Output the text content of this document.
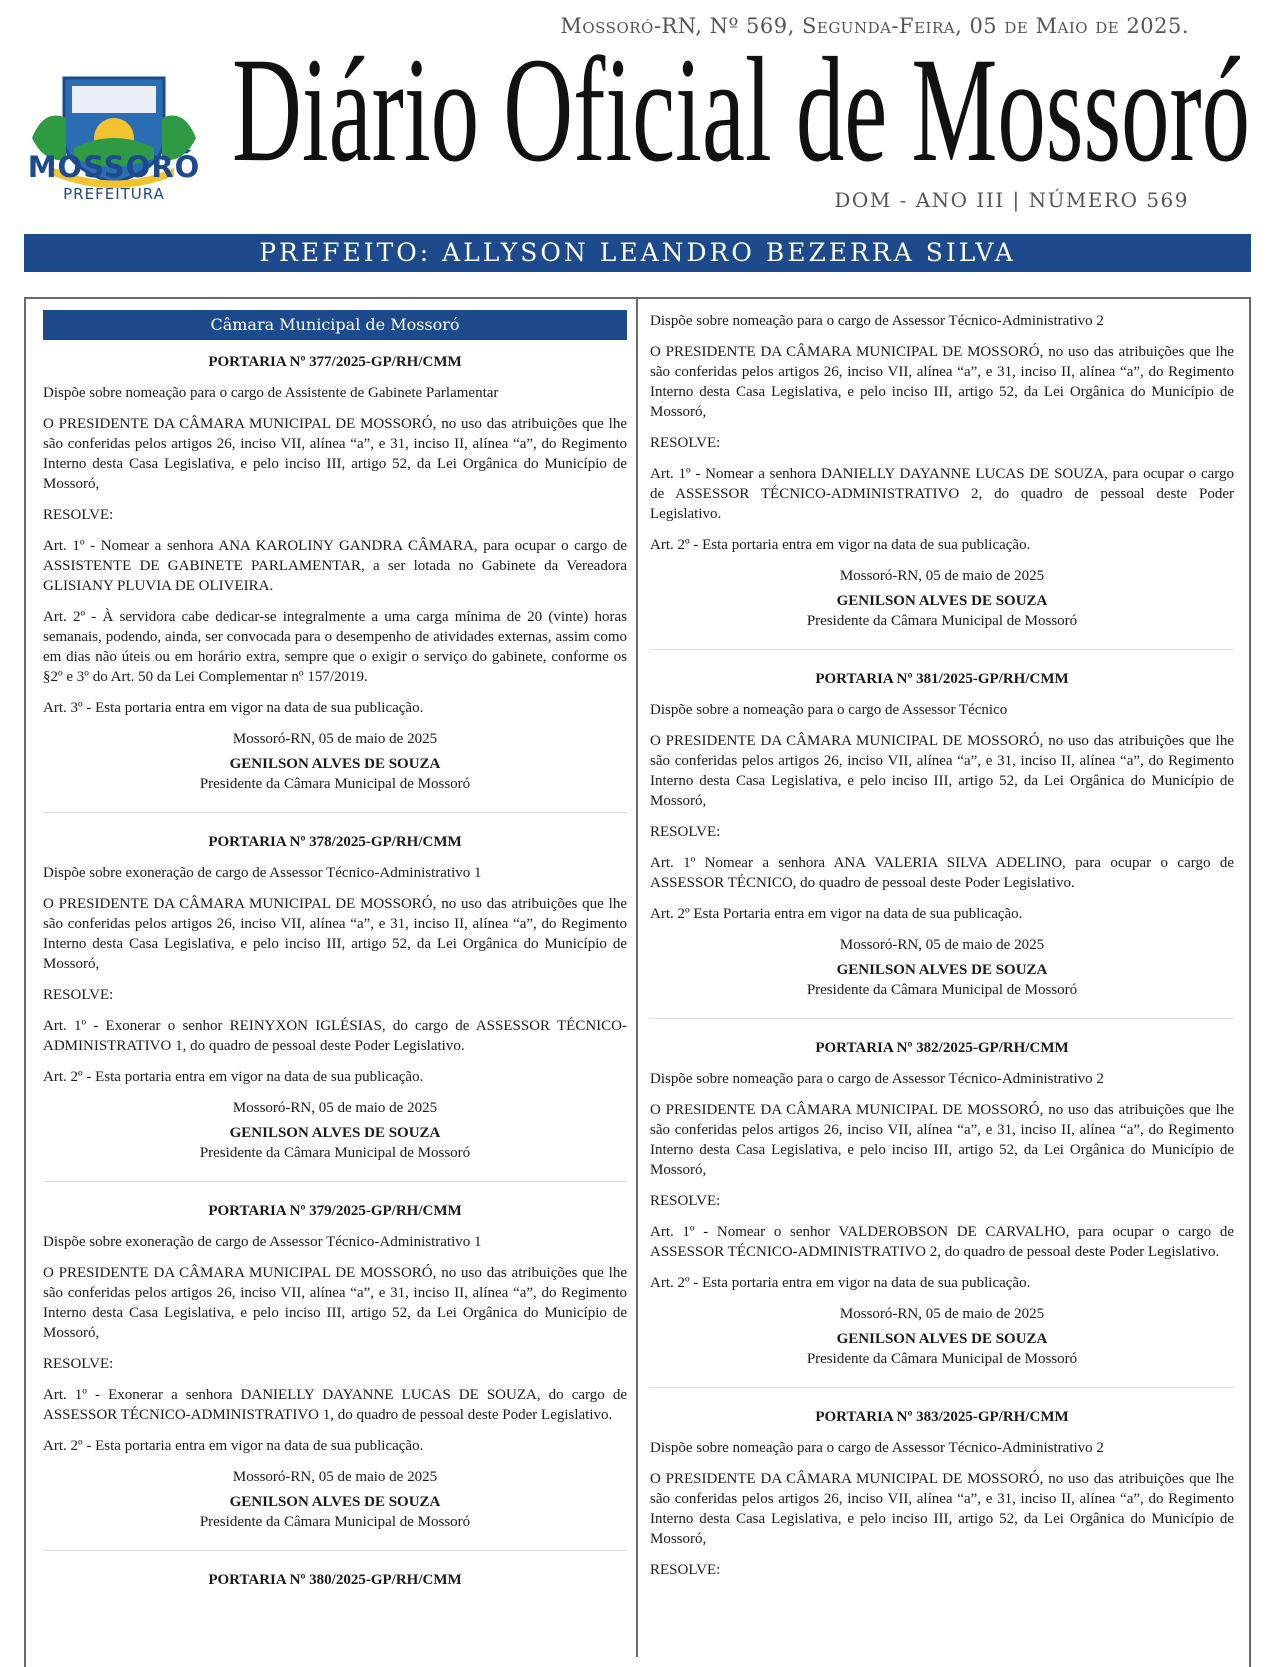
Mossoró-RN, Nº 569, Segunda-Feira, 05 de Maio de 2025.
MOSSORÓ
PREFEITURA
Diário Oficial de Mossoró
DOM - ANO III | NÚMERO 569
PREFEITO: ALLYSON LEANDRO BEZERRA SILVA
Câmara Municipal de Mossoró
PORTARIA Nº 377/2025-GP/RH/CMM

Dispõe sobre nomeação para o cargo de Assistente de Gabinete Parlamentar

O PRESIDENTE DA CÂMARA MUNICIPAL DE MOSSORÓ, no uso das atribuições que lhe são conferidas pelos artigos 26, inciso VII, alínea “a”, e 31, inciso II, alínea “a”, do Regimento Interno desta Casa Legislativa, e pelo inciso III, artigo 52, da Lei Orgânica do Município de Mossoró,

RESOLVE:

Art. 1º - Nomear a senhora ANA KAROLINY GANDRA CÂMARA, para ocupar o cargo de ASSISTENTE DE GABINETE PARLAMENTAR, a ser lotada no Gabinete da Vereadora GLISIANY PLUVIA DE OLIVEIRA.

Art. 2º - À servidora cabe dedicar-se integralmente a uma carga mínima de 20 (vinte) horas semanais, podendo, ainda, ser convocada para o desempenho de atividades externas, assim como em dias não úteis ou em horário extra, sempre que o exigir o serviço do gabinete, conforme os §2º e 3º do Art. 50 da Lei Complementar nº 157/2019.

Art. 3º - Esta portaria entra em vigor na data de sua publicação.

Mossoró-RN, 05 de maio de 2025
GENILSON ALVES DE SOUZA
Presidente da Câmara Municipal de Mossoró
PORTARIA Nº 378/2025-GP/RH/CMM

Dispõe sobre exoneração de cargo de Assessor Técnico-Administrativo 1

O PRESIDENTE DA CÂMARA MUNICIPAL DE MOSSORÓ, no uso das atribuições que lhe são conferidas pelos artigos 26, inciso VII, alínea “a”, e 31, inciso II, alínea “a”, do Regimento Interno desta Casa Legislativa, e pelo inciso III, artigo 52, da Lei Orgânica do Município de Mossoró,

RESOLVE:

Art. 1º - Exonerar o senhor REINYXON IGLÉSIAS, do cargo de ASSESSOR TÉCNICO-ADMINISTRATIVO 1, do quadro de pessoal deste Poder Legislativo.

Art. 2º - Esta portaria entra em vigor na data de sua publicação.

Mossoró-RN, 05 de maio de 2025
GENILSON ALVES DE SOUZA
Presidente da Câmara Municipal de Mossoró
PORTARIA Nº 379/2025-GP/RH/CMM

Dispõe sobre exoneração de cargo de Assessor Técnico-Administrativo 1

O PRESIDENTE DA CÂMARA MUNICIPAL DE MOSSORÓ, no uso das atribuições que lhe são conferidas pelos artigos 26, inciso VII, alínea “a”, e 31, inciso II, alínea “a”, do Regimento Interno desta Casa Legislativa, e pelo inciso III, artigo 52, da Lei Orgânica do Município de Mossoró,

RESOLVE:

Art. 1º - Exonerar a senhora DANIELLY DAYANNE LUCAS DE SOUZA, do cargo de ASSESSOR TÉCNICO-ADMINISTRATIVO 1, do quadro de pessoal deste Poder Legislativo.

Art. 2º - Esta portaria entra em vigor na data de sua publicação.

Mossoró-RN, 05 de maio de 2025
GENILSON ALVES DE SOUZA
Presidente da Câmara Municipal de Mossoró
PORTARIA Nº 380/2025-GP/RH/CMM

Dispõe sobre nomeação para o cargo de Assessor Técnico-Administrativo 2

O PRESIDENTE DA CÂMARA MUNICIPAL DE MOSSORÓ, no uso das atribuições que lhe são conferidas pelos artigos 26, inciso VII, alínea “a”, e 31, inciso II, alínea “a”, do Regimento Interno desta Casa Legislativa, e pelo inciso III, artigo 52, da Lei Orgânica do Município de Mossoró,

RESOLVE:

Art. 1º - Nomear a senhora DANIELLY DAYANNE LUCAS DE SOUZA, para ocupar o cargo de ASSESSOR TÉCNICO-ADMINISTRATIVO 2, do quadro de pessoal deste Poder Legislativo.

Art. 2º - Esta portaria entra em vigor na data de sua publicação.

Mossoró-RN, 05 de maio de 2025
GENILSON ALVES DE SOUZA
Presidente da Câmara Municipal de Mossoró
PORTARIA Nº 381/2025-GP/RH/CMM

Dispõe sobre a nomeação para o cargo de Assessor Técnico

O PRESIDENTE DA CÂMARA MUNICIPAL DE MOSSORÓ, no uso das atribuições que lhe são conferidas pelos artigos 26, inciso VII, alínea “a”, e 31, inciso II, alínea “a”, do Regimento Interno desta Casa Legislativa, e pelo inciso III, artigo 52, da Lei Orgânica do Município de Mossoró,

RESOLVE:

Art. 1º Nomear a senhora ANA VALERIA SILVA ADELINO, para ocupar o cargo de ASSESSOR TÉCNICO, do quadro de pessoal deste Poder Legislativo.

Art. 2º Esta Portaria entra em vigor na data de sua publicação.

Mossoró-RN, 05 de maio de 2025
GENILSON ALVES DE SOUZA
Presidente da Câmara Municipal de Mossoró
PORTARIA Nº 382/2025-GP/RH/CMM

Dispõe sobre nomeação para o cargo de Assessor Técnico-Administrativo 2

O PRESIDENTE DA CÂMARA MUNICIPAL DE MOSSORÓ, no uso das atribuições que lhe são conferidas pelos artigos 26, inciso VII, alínea “a”, e 31, inciso II, alínea “a”, do Regimento Interno desta Casa Legislativa, e pelo inciso III, artigo 52, da Lei Orgânica do Município de Mossoró,

RESOLVE:

Art. 1º - Nomear o senhor VALDEROBSON DE CARVALHO, para ocupar o cargo de ASSESSOR TÉCNICO-ADMINISTRATIVO 2, do quadro de pessoal deste Poder Legislativo.

Art. 2º - Esta portaria entra em vigor na data de sua publicação.

Mossoró-RN, 05 de maio de 2025
GENILSON ALVES DE SOUZA
Presidente da Câmara Municipal de Mossoró
PORTARIA Nº 383/2025-GP/RH/CMM

Dispõe sobre nomeação para o cargo de Assessor Técnico-Administrativo 2

O PRESIDENTE DA CÂMARA MUNICIPAL DE MOSSORÓ, no uso das atribuições que lhe são conferidas pelos artigos 26, inciso VII, alínea “a”, e 31, inciso II, alínea “a”, do Regimento Interno desta Casa Legislativa, e pelo inciso III, artigo 52, da Lei Orgânica do Município de Mossoró,

RESOLVE:
